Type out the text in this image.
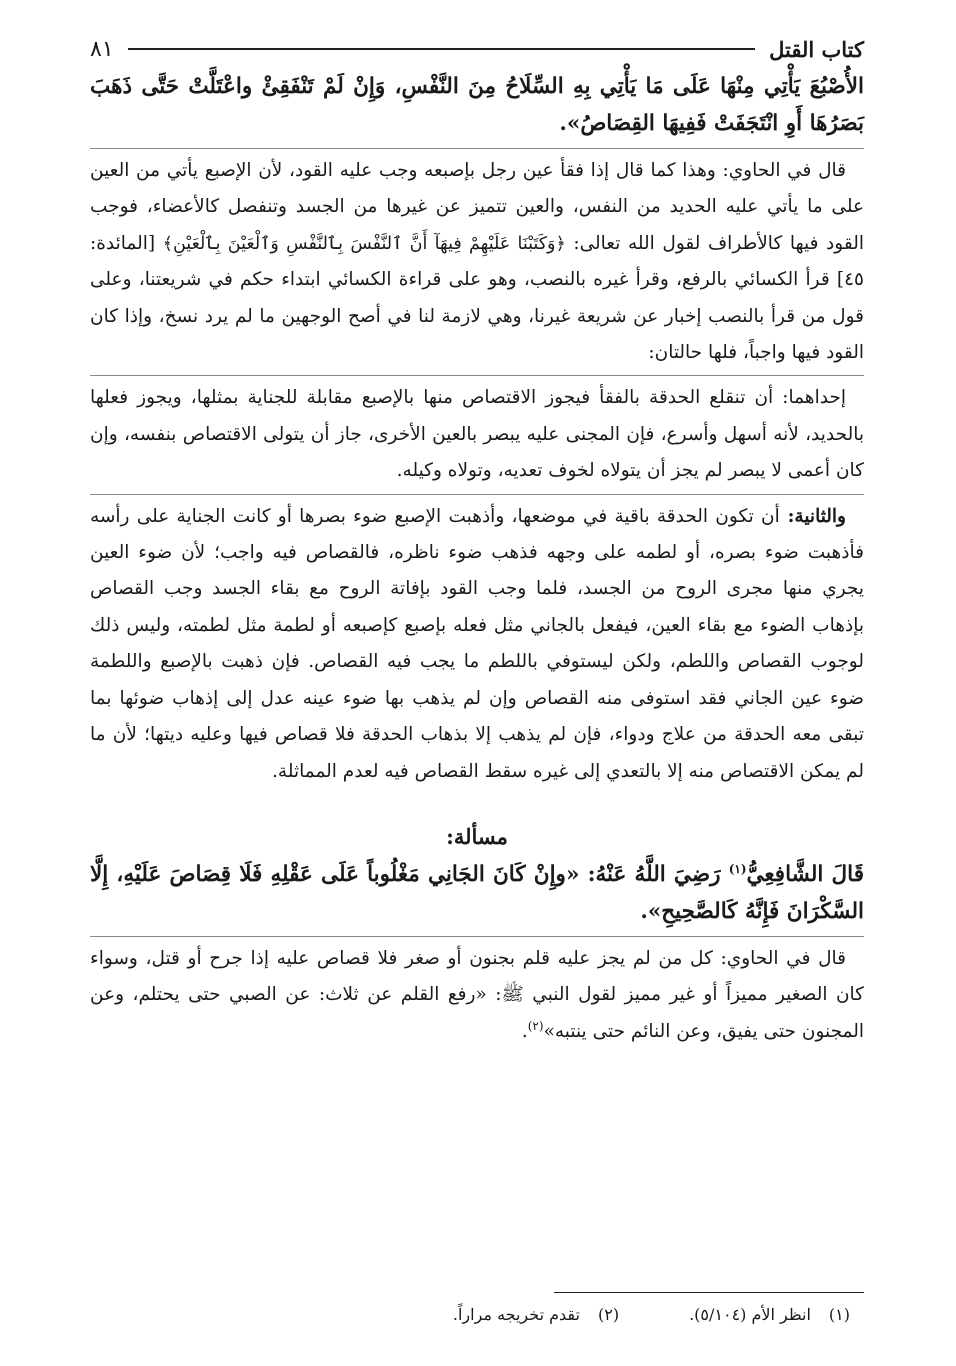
كتاب القتل
٨١

الأُصْبُعَ يَأْتِي مِنْهَا عَلَى مَا يَأْتِي بِهِ السِّلَاحُ مِنَ النَّفْسِ، وَإِنْ لَمْ تَنْفَقِئْ واعْتَلَّتْ حَتَّى ذَهَبَ بَصَرُهَا أَوِ انْتَجَفَتْ فَفِيهَا القِصَاصُ».

قال في الحاوي: وهذا كما قال إذا فقأ عين رجل بإصبعه وجب عليه القود، لأن الإصبع يأتي من العين على ما يأتي عليه الحديد من النفس، والعين تتميز عن غيرها من الجسد وتنفصل كالأعضاء، فوجب القود فيها كالأطراف لقول الله تعالى: ﴿وَكَتَبْنَا عَلَيْهِمْ فِيهَآ أَنَّ ٱلنَّفْسَ بِٱلنَّفْسِ وَٱلْعَيْنَ بِٱلْعَيْنِ﴾ [المائدة: ٤٥] قرأ الكسائي بالرفع، وقرأ غيره بالنصب، وهو على قراءة الكسائي ابتداء حكم في شريعتنا، وعلى قول من قرأ بالنصب إخبار عن شريعة غيرنا، وهي لازمة لنا في أصح الوجهين ما لم يرد نسخ، وإذا كان القود فيها واجباً، فلها حالتان:

إحداهما: أن تنقلع الحدقة بالفقأ فيجوز الاقتصاص منها بالإصبع مقابلة للجناية بمثلها، ويجوز فعلها بالحديد، لأنه أسهل وأسرع، فإن المجنى عليه يبصر بالعين الأخرى، جاز أن يتولى الاقتصاص بنفسه، وإن كان أعمى لا يبصر لم يجز أن يتولاه لخوف تعديه، وتولاه وكيله.

والثانية: أن تكون الحدقة باقية في موضعها، وأذهبت الإصبع ضوء بصرها أو كانت الجناية على رأسه فأذهبت ضوء بصره، أو لطمه على وجهه فذهب ضوء ناظره، فالقصاص فيه واجب؛ لأن ضوء العين يجري منها مجرى الروح من الجسد، فلما وجب القود بإفاتة الروح مع بقاء الجسد وجب القصاص بإذهاب الضوء مع بقاء العين، فيفعل بالجاني مثل فعله بإصبع كإصبعه أو لطمة مثل لطمته، وليس ذلك لوجوب القصاص واللطم، ولكن ليستوفي باللطم ما يجب فيه القصاص. فإن ذهبت بالإصبع واللطمة ضوء عين الجاني فقد استوفى منه القصاص وإن لم يذهب بها ضوء عينه عدل إلى إذهاب ضوئها بما تبقى معه الحدقة من علاج ودواء، فإن لم يذهب إلا بذهاب الحدقة فلا قصاص فيها وعليه ديتها؛ لأن ما لم يمكن الاقتصاص منه إلا بالتعدي إلى غيره سقط القصاص فيه لعدم المماثلة.

مسألة:

قَالَ الشَّافِعِيُّ$^{(١)}$ رَضِيَ اللَّهُ عَنْهُ: «وإِنْ كَانَ الجَانِي مَغْلُوباً عَلَى عَقْلِهِ فَلَا قِصَاصَ عَلَيْهِ، إِلَّا السَّكْرَانَ فَإِنَّهُ كَالصَّحِيحِ».

قال في الحاوي: كل من لم يجز عليه قلم بجنون أو صغر فلا قصاص عليه إذا جرح أو قتل، وسواء كان الصغير مميزاً أو غير مميز لقول النبي ﷺ: «رفع القلم عن ثلاث: عن الصبي حتى يحتلم، وعن المجنون حتى يفيق، وعن النائم حتى ينتبه»$^{(٢)}$.

(١)انظر الأم (٥/١٠٤).
(٢)تقدم تخريجه مراراً.
